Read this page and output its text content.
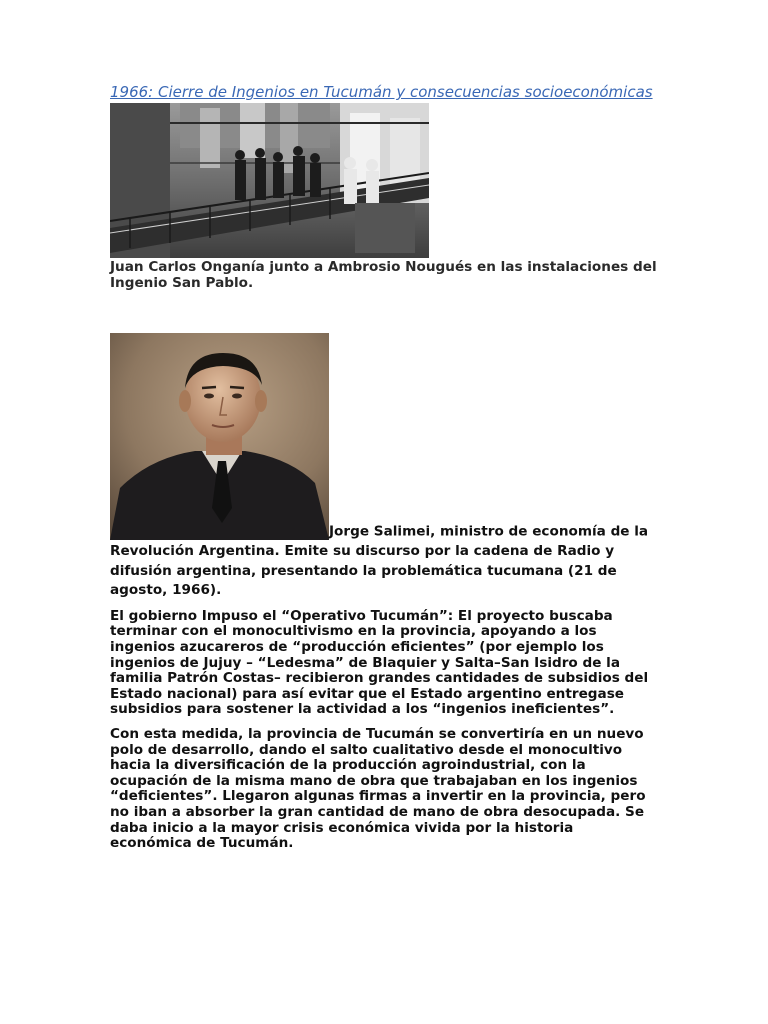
1966: Cierre de Ingenios en Tucumán y consecuencias socioeconómicas

Juan Carlos Onganía junto a Ambrosio Nougués en las instalaciones del Ingenio San Pablo.

Jorge Salimei, ministro de economía de la Revolución Argentina. Emite su discurso por la cadena de Radio y difusión argentina, presentando la problemática tucumana (21 de agosto, 1966).

El gobierno Impuso el “Operativo Tucumán”: El proyecto buscaba terminar con el monocultivismo en la provincia, apoyando a los ingenios azucareros de “producción eficientes” (por ejemplo los ingenios de Jujuy – “Ledesma” de Blaquier y Salta–San Isidro de la familia Patrón Costas– recibieron grandes cantidades de subsidios del Estado nacional) para así evitar que el Estado argentino entregase subsidios para sostener la actividad a los “ingenios ineficientes”.

Con esta medida, la provincia de Tucumán se convertiría en un nuevo polo de desarrollo, dando el salto cualitativo desde el monocultivo hacia la diversificación de la producción agroindustrial, con la ocupación de la misma mano de obra que trabajaban en los ingenios “deficientes”. Llegaron algunas firmas a invertir en la provincia, pero no iban a absorber la gran cantidad de mano de obra desocupada. Se daba inicio a la mayor crisis económica vivida por la historia económica de Tucumán.
